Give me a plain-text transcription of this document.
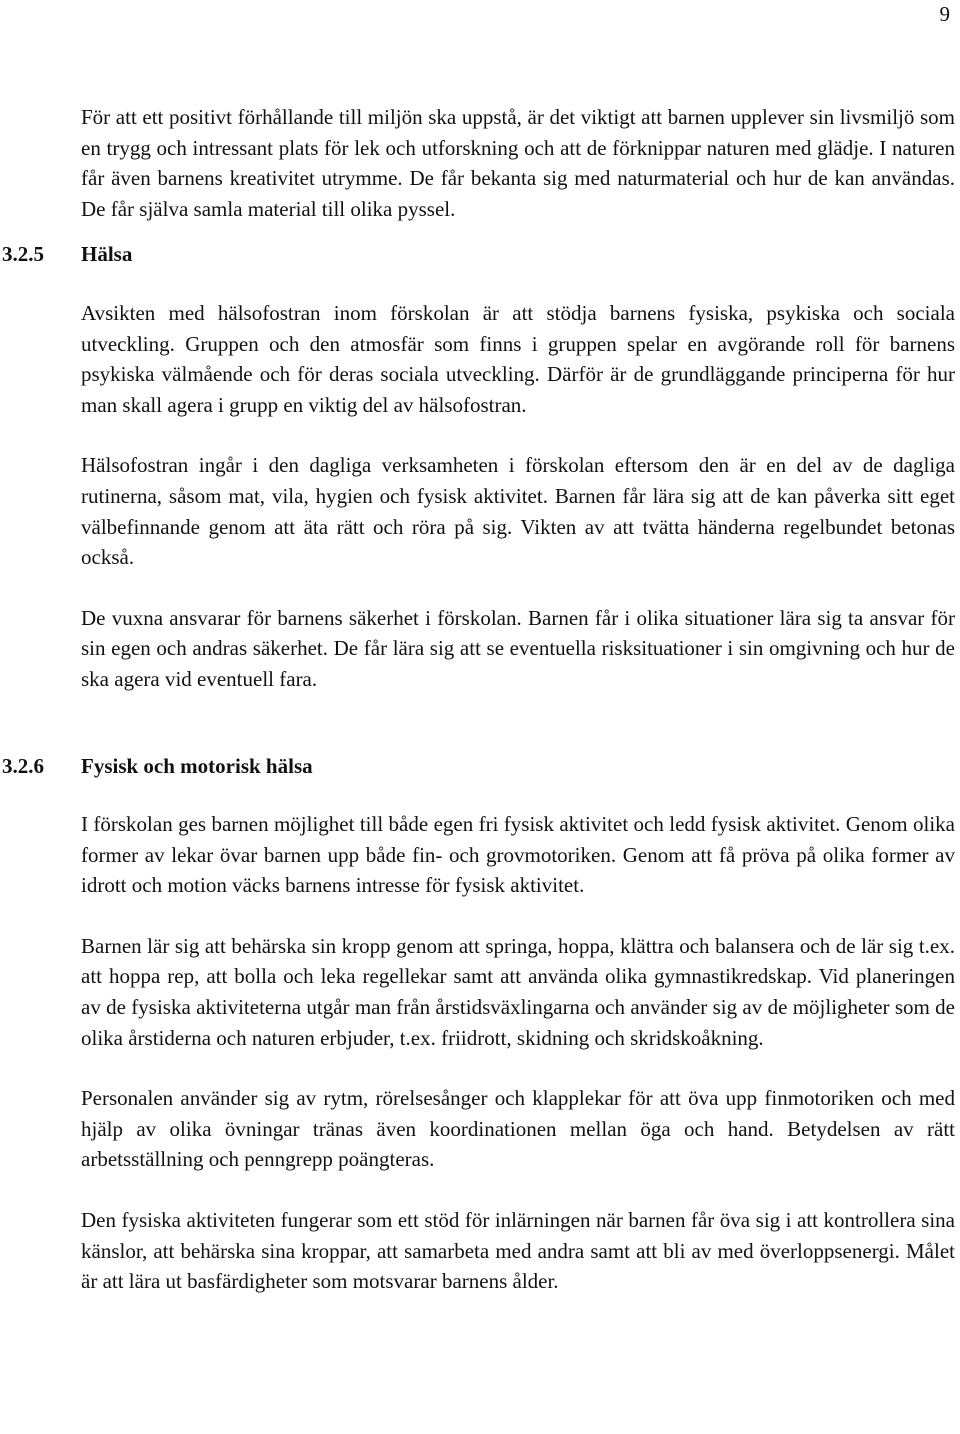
9

För att ett positivt förhållande till miljön ska uppstå, är det viktigt att barnen upplever sin livsmiljö som en trygg och intressant plats för lek och utforskning och att de förknippar naturen med glädje. I naturen får även barnens kreativitet utrymme. De får bekanta sig med naturmaterial och hur de kan användas. De får själva samla material till olika pyssel.

3.2.5 Hälsa

Avsikten med hälsofostran inom förskolan är att stödja barnens fysiska, psykiska och sociala utveckling. Gruppen och den atmosfär som finns i gruppen spelar en avgörande roll för barnens psykiska välmående och för deras sociala utveckling. Därför är de grundläggande principerna för hur man skall agera i grupp en viktig del av hälsofostran.

Hälsofostran ingår i den dagliga verksamheten i förskolan eftersom den är en del av de dagliga rutinerna, såsom mat, vila, hygien och fysisk aktivitet. Barnen får lära sig att de kan påverka sitt eget välbefinnande genom att äta rätt och röra på sig. Vikten av att tvätta händerna regelbundet betonas också.

De vuxna ansvarar för barnens säkerhet i förskolan. Barnen får i olika situationer lära sig ta ansvar för sin egen och andras säkerhet. De får lära sig att se eventuella risksituationer i sin omgivning och hur de ska agera vid eventuell fara.

3.2.6 Fysisk och motorisk hälsa

I förskolan ges barnen möjlighet till både egen fri fysisk aktivitet och ledd fysisk aktivitet. Genom olika former av lekar övar barnen upp både fin- och grovmotoriken. Genom att få pröva på olika former av idrott och motion väcks barnens intresse för fysisk aktivitet.

Barnen lär sig att behärska sin kropp genom att springa, hoppa, klättra och balansera och de lär sig t.ex. att hoppa rep, att bolla och leka regellekar samt att använda olika gymnastikredskap. Vid planeringen av de fysiska aktiviteterna utgår man från årstidsväxlingarna och använder sig av de möjligheter som de olika årstiderna och naturen erbjuder, t.ex. friidrott, skidning och skridskoåkning.

Personalen använder sig av rytm, rörelsesånger och klapplekar för att öva upp finmotoriken och med hjälp av olika övningar tränas även koordinationen mellan öga och hand. Betydelsen av rätt arbetsställning och penngrepp poängteras.

Den fysiska aktiviteten fungerar som ett stöd för inlärningen när barnen får öva sig i att kontrollera sina känslor, att behärska sina kroppar, att samarbeta med andra samt att bli av med överloppsenergi. Målet är att lära ut basfärdigheter som motsvarar barnens ålder.
